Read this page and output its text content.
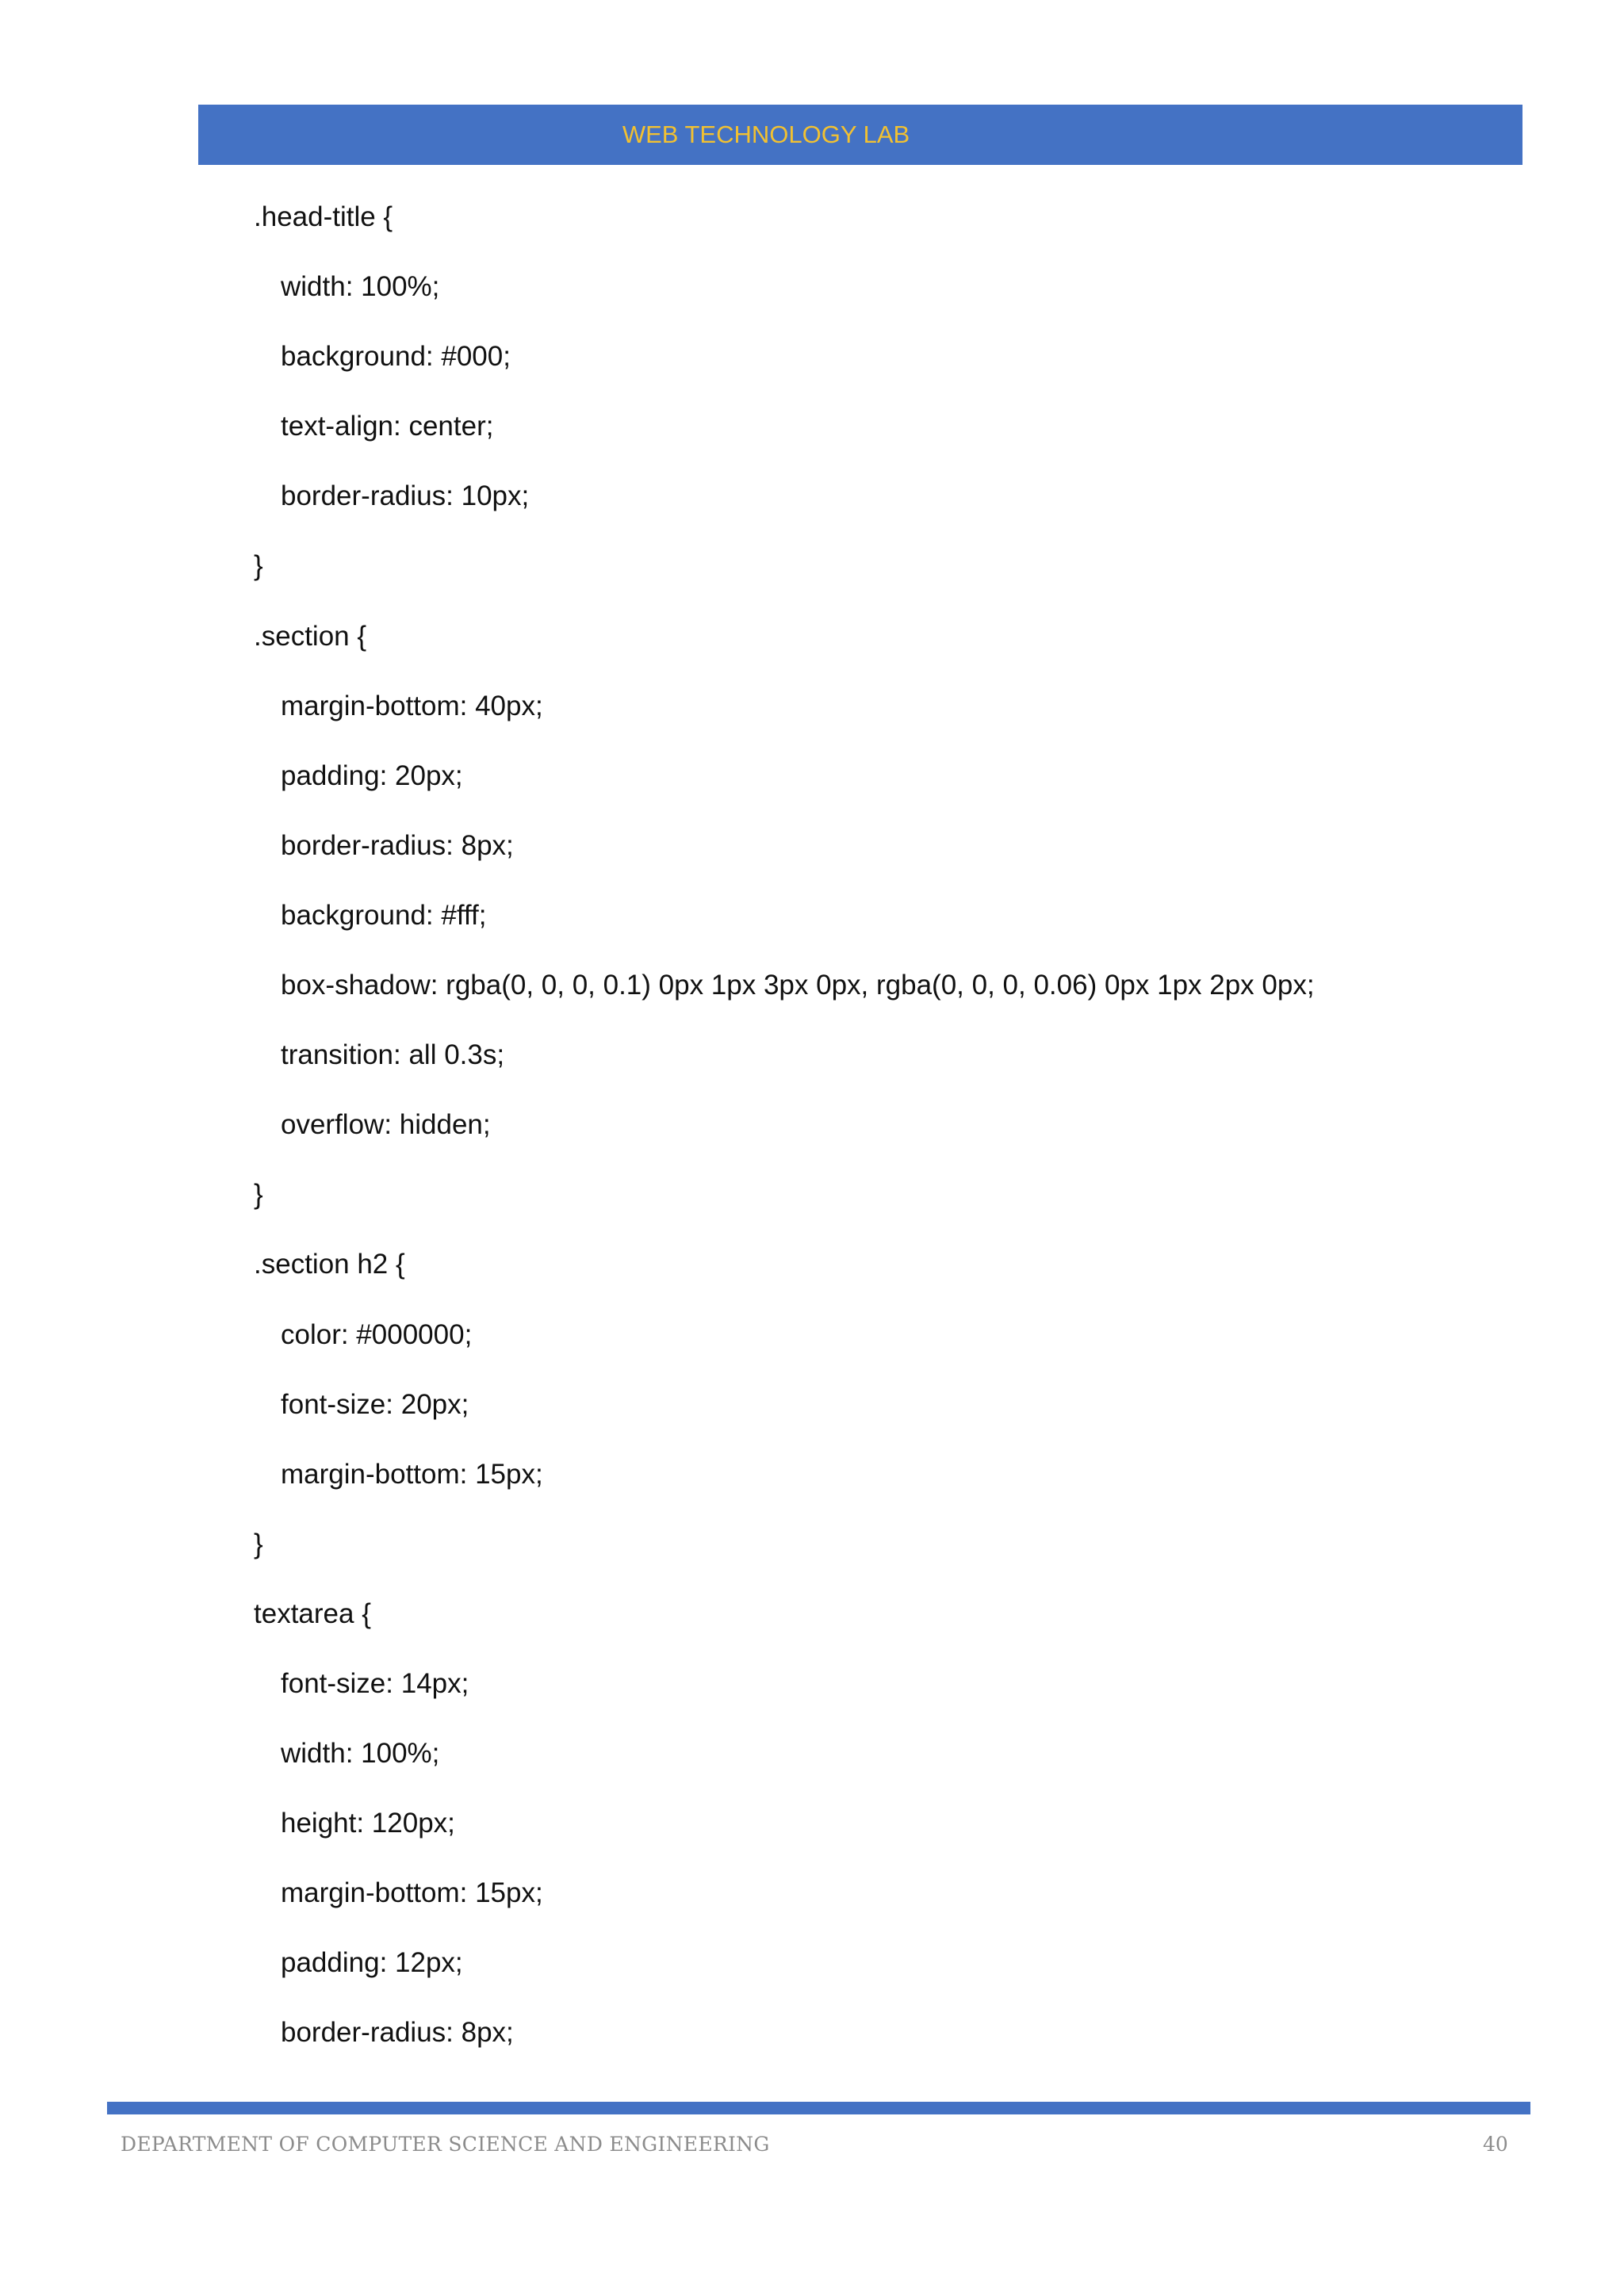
WEB TECHNOLOGY LAB
.head-title {
width: 100%;
background: #000;
text-align: center;
border-radius: 10px;
}
.section {
margin-bottom: 40px;
padding: 20px;
border-radius: 8px;
background: #fff;
box-shadow: rgba(0, 0, 0, 0.1) 0px 1px 3px 0px, rgba(0, 0, 0, 0.06) 0px 1px 2px 0px;
transition: all 0.3s;
overflow: hidden;
}
.section h2 {
color: #000000;
font-size: 20px;
margin-bottom: 15px;
}
textarea {
font-size: 14px;
width: 100%;
height: 120px;
margin-bottom: 15px;
padding: 12px;
border-radius: 8px;
DEPARTMENT OF COMPUTER SCIENCE AND ENGINEERING	40
